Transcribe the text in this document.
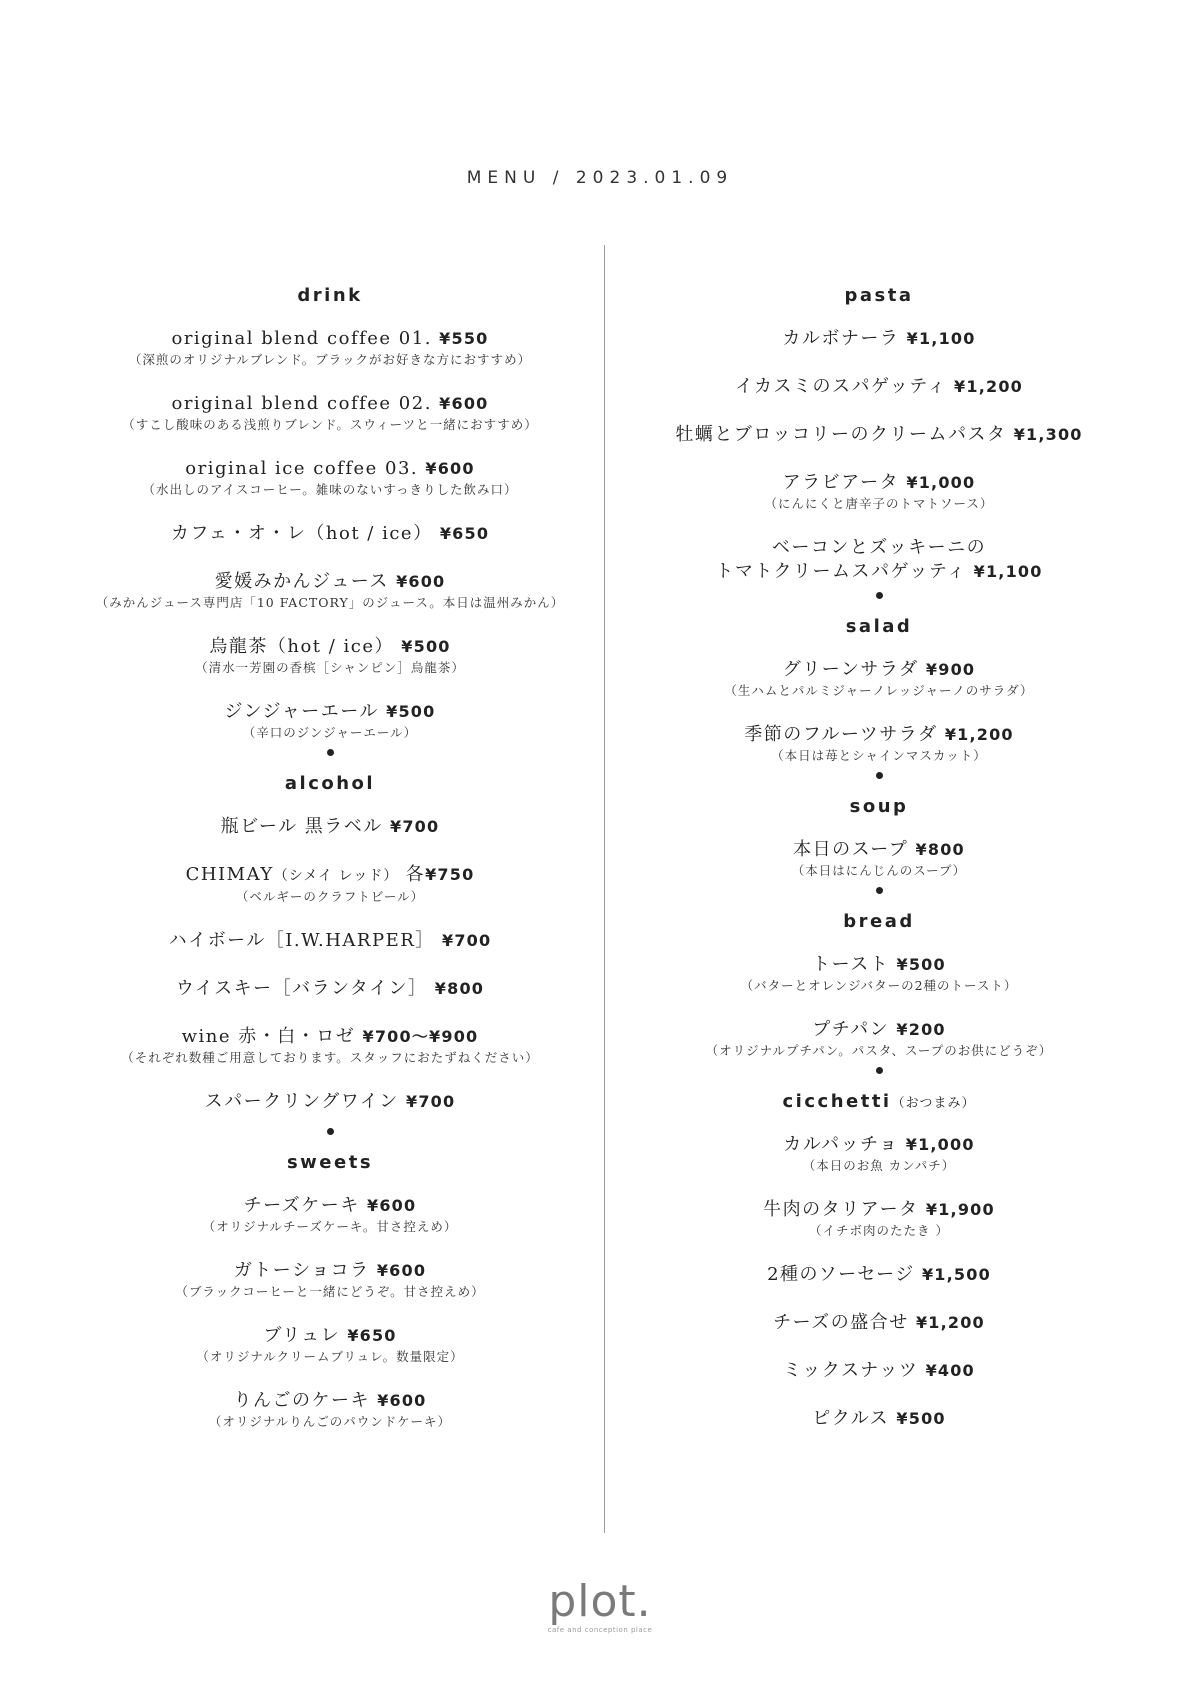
MENU / 2023.01.09
drink
original blend coffee 01. ¥550
（深煎のオリジナルブレンド。ブラックがお好きな方におすすめ）
original blend coffee 02. ¥600
（すこし酸味のある浅煎りブレンド。スウィーツと一緒におすすめ）
original ice coffee 03. ¥600
（水出しのアイスコーヒー。雑味のないすっきりした飲み口）
カフェ・オ・レ（hot / ice） ¥650
愛媛みかんジュース ¥600
（みかんジュース専門店「10 FACTORY」のジュース。本日は温州みかん）
烏龍茶（hot / ice） ¥500
（清水一芳園の香槟［シャンピン］烏龍茶）
ジンジャーエール ¥500
（辛口のジンジャーエール）
alcohol
瓶ビール 黒ラベル ¥700
CHIMAY（シメイ レッド） 各¥750
（ベルギーのクラフトビール）
ハイボール［I.W.HARPER］ ¥700
ウイスキー［バランタイン］ ¥800
wine 赤・白・ロゼ ¥700〜¥900
（それぞれ数種ご用意しております。スタッフにおたずねください）
スパークリングワイン ¥700
sweets
チーズケーキ ¥600
（オリジナルチーズケーキ。甘さ控えめ）
ガトーショコラ ¥600
（ブラックコーヒーと一緒にどうぞ。甘さ控えめ）
ブリュレ ¥650
（オリジナルクリームブリュレ。数量限定）
りんごのケーキ ¥600
（オリジナルりんごのパウンドケーキ）
pasta
カルボナーラ ¥1,100
イカスミのスパゲッティ ¥1,200
牡蠣とブロッコリーのクリームパスタ ¥1,300
アラビアータ ¥1,000
（にんにくと唐辛子のトマトソース）
ベーコンとズッキーニの
トマトクリームスパゲッティ ¥1,100
salad
グリーンサラダ ¥900
（生ハムとパルミジャーノレッジャーノのサラダ）
季節のフルーツサラダ ¥1,200
（本日は苺とシャインマスカット）
soup
本日のスープ ¥800
（本日はにんじんのスープ）
bread
トースト ¥500
（バターとオレンジバターの2種のトースト）
プチパン ¥200
（オリジナルプチパン。パスタ、スープのお供にどうぞ）
cicchetti（おつまみ）
カルパッチョ ¥1,000
（本日のお魚 カンパチ）
牛肉のタリアータ ¥1,900
（イチボ肉のたたき ）
2種のソーセージ ¥1,500
チーズの盛合せ ¥1,200
ミックスナッツ ¥400
ピクルス ¥500
plot.
cafe and conception place
